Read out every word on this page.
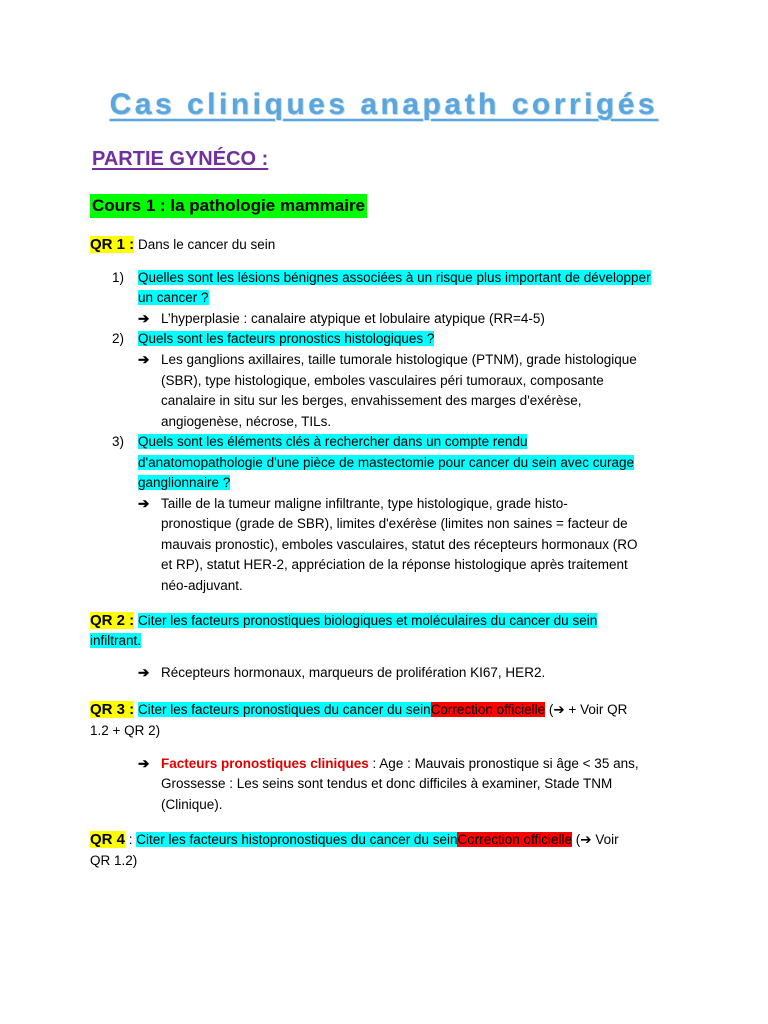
Cas cliniques anapath corrigés
PARTIE GYNÉCO :
Cours 1 : la pathologie mammaire
QR 1 : Dans le cancer du sein
1) Quelles sont les lésions bénignes associées à un risque plus important de développer
un cancer ?
➔ L’hyperplasie : canalaire atypique et lobulaire atypique (RR=4-5)
2) Quels sont les facteurs pronostics histologiques ?
➔ Les ganglions axillaires, taille tumorale histologique (PTNM), grade histologique
(SBR), type histologique, emboles vasculaires péri tumoraux, composante
canalaire in situ sur les berges, envahissement des marges d'exérèse,
angiogenèse, nécrose, TILs.
3) Quels sont les éléments clés à rechercher dans un compte rendu
d'anatomopathologie d'une pièce de mastectomie pour cancer du sein avec curage
ganglionnaire ?
➔ Taille de la tumeur maligne infiltrante, type histologique, grade histo-
pronostique (grade de SBR), limites d'exérèse (limites non saines = facteur de
mauvais pronostic), emboles vasculaires, statut des récepteurs hormonaux (RO
et RP), statut HER-2, appréciation de la réponse histologique après traitement
néo-adjuvant.
QR 2 : Citer les facteurs pronostiques biologiques et moléculaires du cancer du sein
infiltrant.
➔ Récepteurs hormonaux, marqueurs de prolifération KI67, HER2.
QR 3 : Citer les facteurs pronostiques du cancer du seinCorrection officielle (➔ + Voir QR
1.2 + QR 2)
➔ Facteurs pronostiques cliniques : Age : Mauvais pronostique si âge < 35 ans,
Grossesse : Les seins sont tendus et donc difficiles à examiner, Stade TNM
(Clinique).
QR 4 : Citer les facteurs histopronostiques du cancer du seinCorrection officielle (➔ Voir
QR 1.2)
